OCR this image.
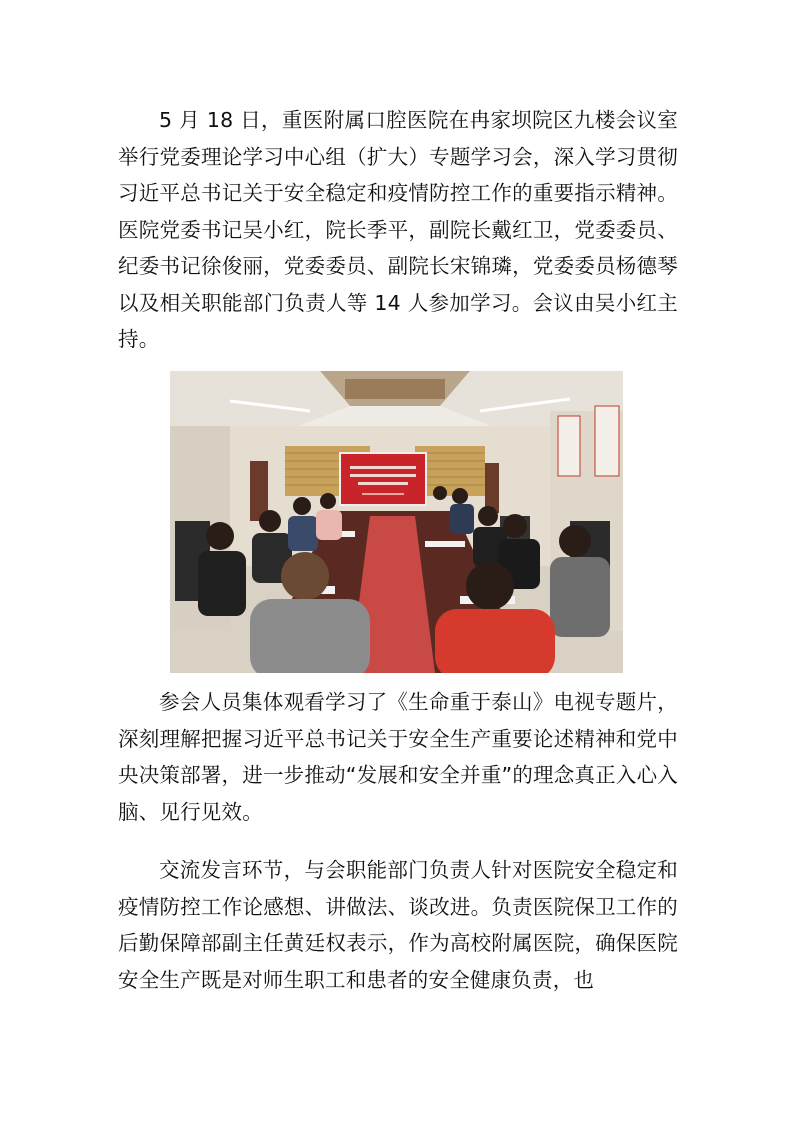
5 月 18 日，重医附属口腔医院在冉家坝院区九楼会议室举行党委理论学习中心组（扩大）专题学习会，深入学习贯彻习近平总书记关于安全稳定和疫情防控工作的重要指示精神。医院党委书记吴小红，院长季平，副院长戴红卫，党委委员、纪委书记徐俊丽，党委委员、副院长宋锦璘，党委委员杨德琴以及相关职能部门负责人等 14 人参加学习。会议由吴小红主持。

参会人员集体观看学习了《生命重于泰山》电视专题片，深刻理解把握习近平总书记关于安全生产重要论述精神和党中央决策部署，进一步推动“发展和安全并重”的理念真正入心入脑、见行见效。

交流发言环节，与会职能部门负责人针对医院安全稳定和疫情防控工作论感想、讲做法、谈改进。负责医院保卫工作的后勤保障部副主任黄廷权表示，作为高校附属医院，确保医院安全生产既是对师生职工和患者的安全健康负责，也
